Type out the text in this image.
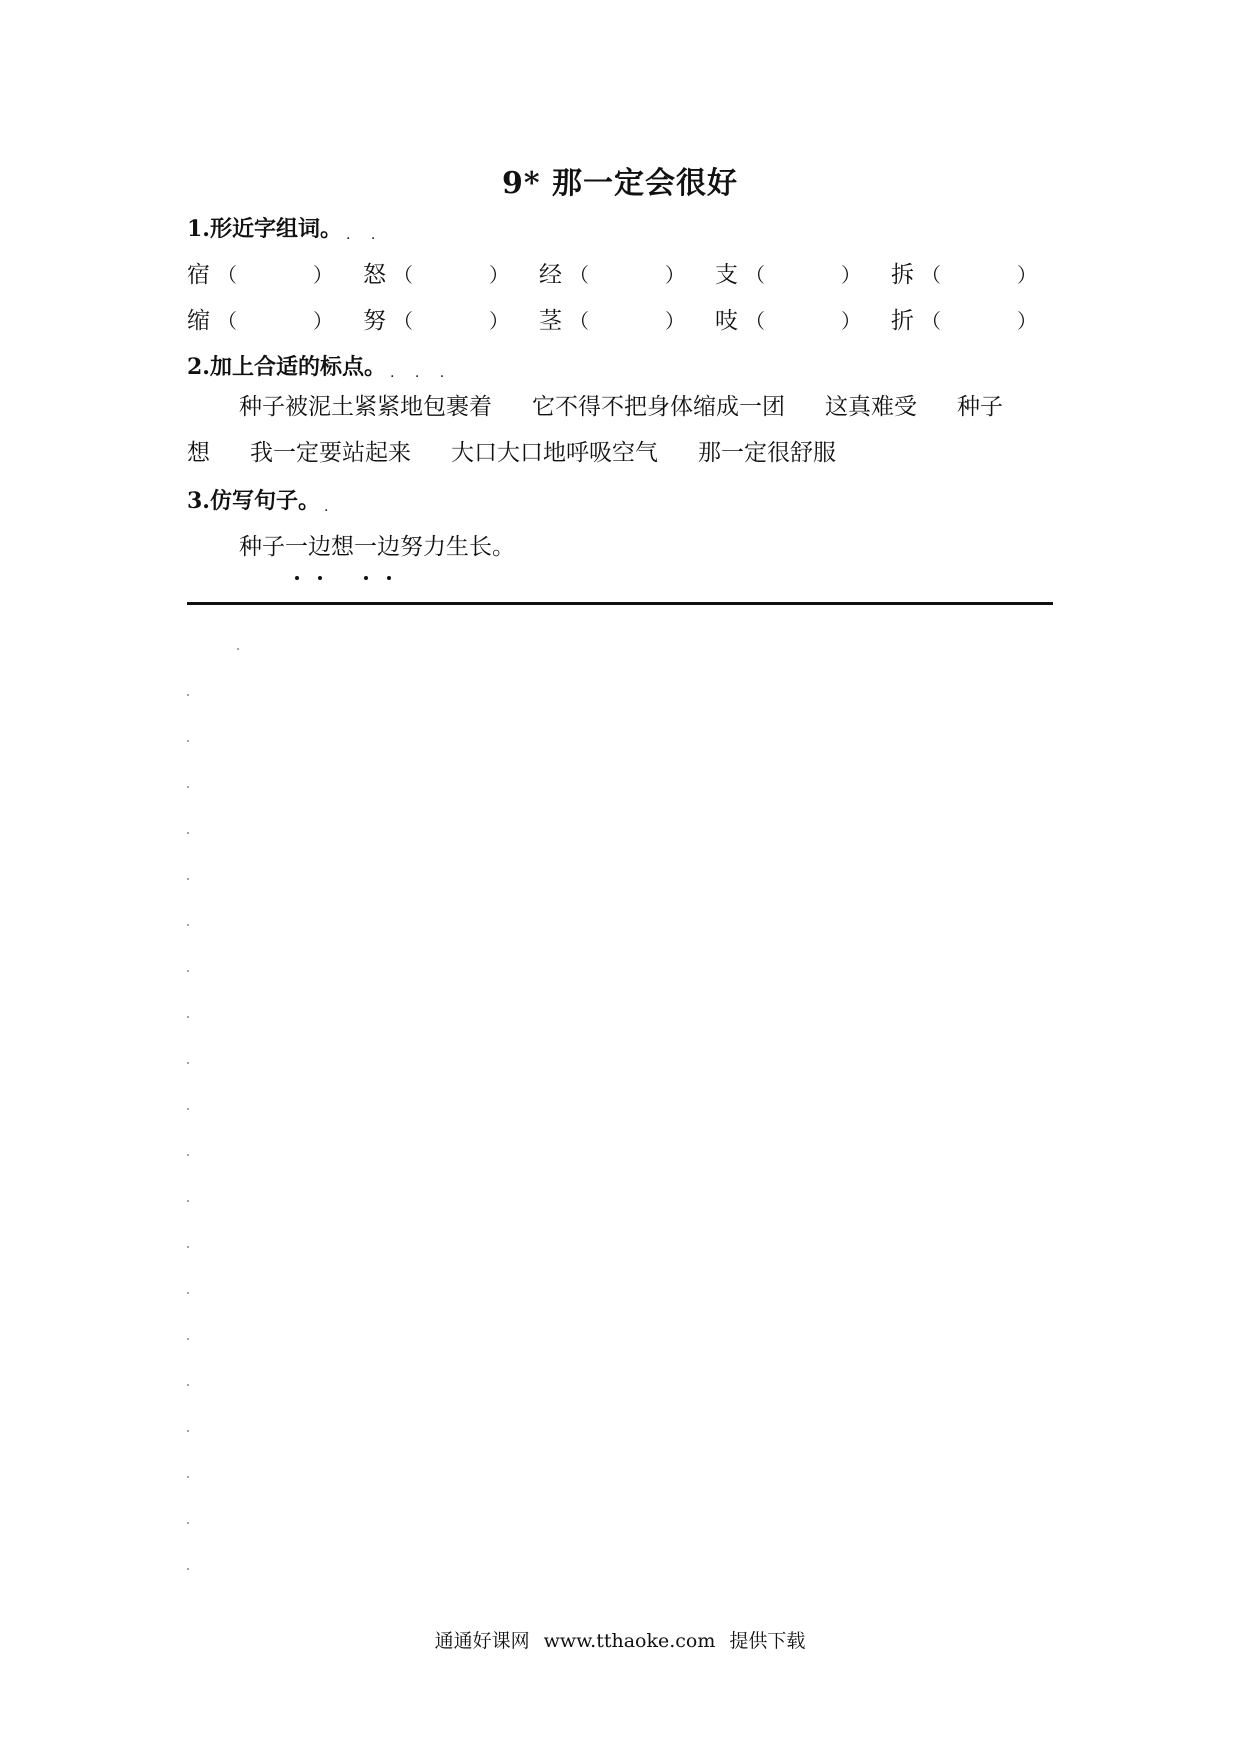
9* 那一定会很好
1.形近字组词。 . .
宿 （	） 怒 （	） 经 （	） 支 （	） 拆 （	）
缩 （	） 努 （	） 茎 （	） 吱 （	） 折 （	）
2.加上合适的标点。 . . .
种子被泥土紧紧地包裹着 它不得不把身体缩成一团 这真难受 种子
想 我一定要站起来 大口大口地呼吸空气 那一定很舒服
3.仿写句子。 .
种子一边想一边努力生长。
通通好课网 www.tthaoke.com 提供下载
